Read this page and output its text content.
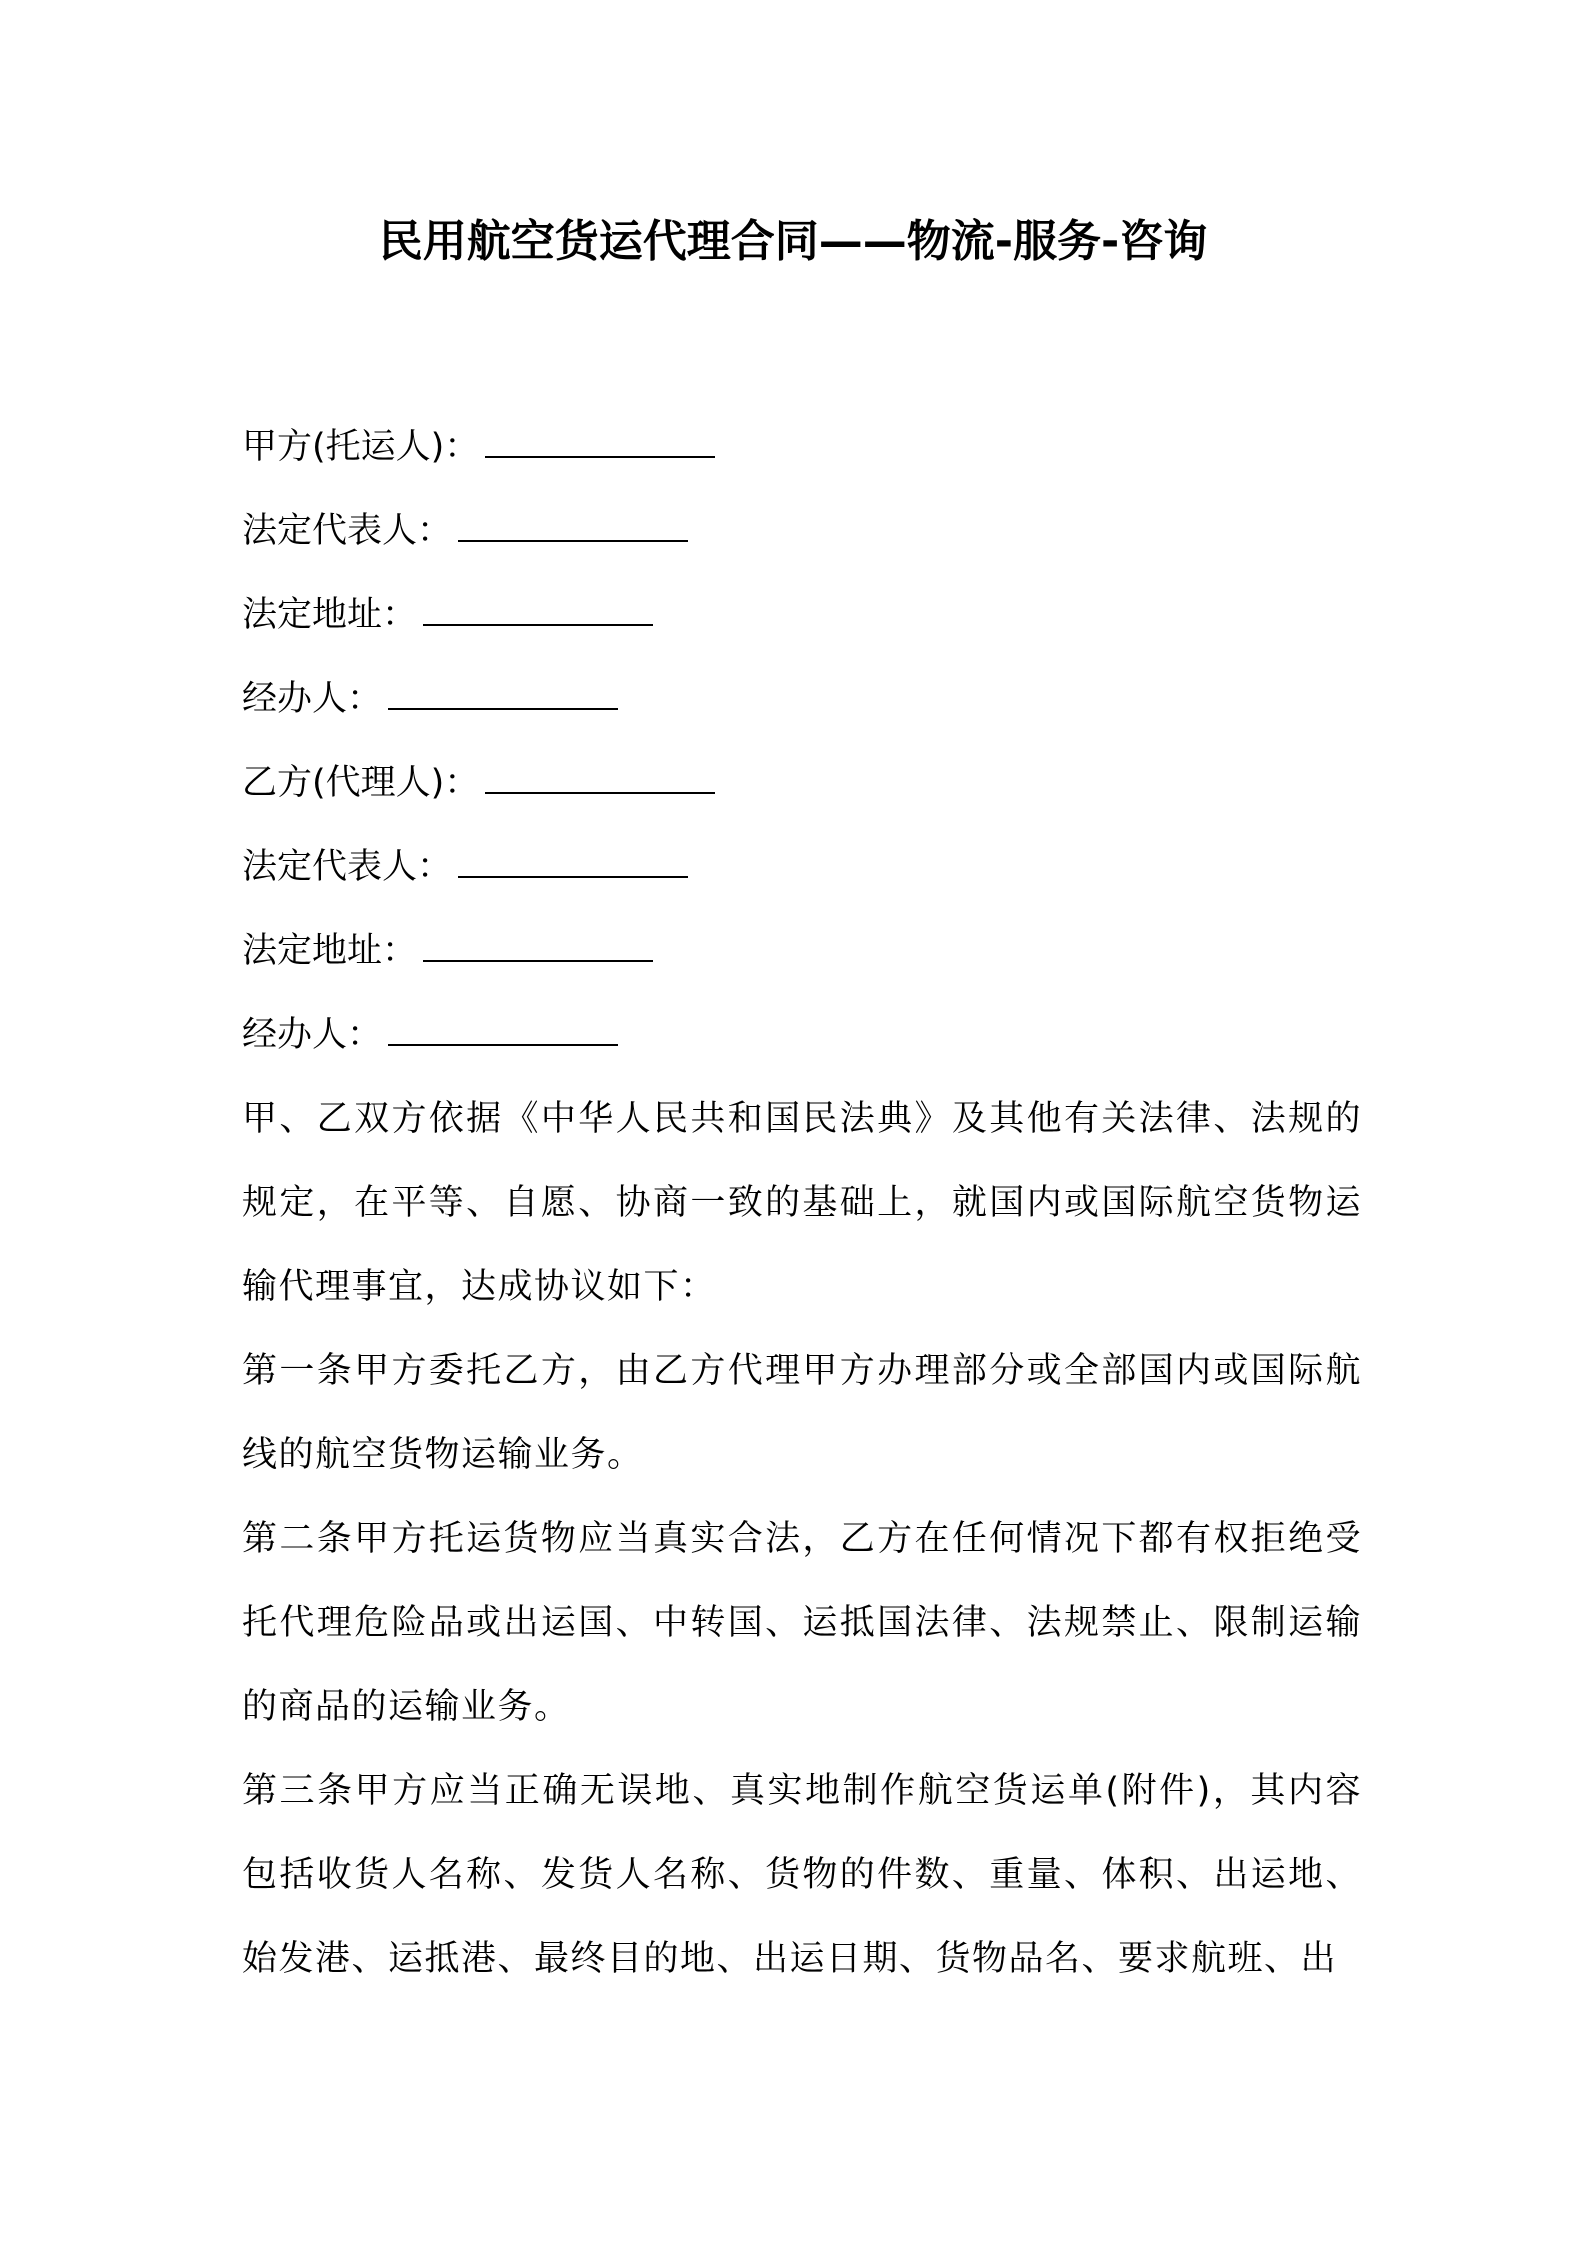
民用航空货运代理合同——物流-服务-咨询
甲方(托运人)：
法定代表人：
法定地址：
经办人：
乙方(代理人)：
法定代表人：
法定地址：
经办人：

甲、乙双方依据《中华人民共和国民法典》及其他有关法律、法规的规定，在平等、自愿、协商一致的基础上，就国内或国际航空货物运输代理事宜，达成协议如下：

第一条甲方委托乙方，由乙方代理甲方办理部分或全部国内或国际航线的航空货物运输业务。

第二条甲方托运货物应当真实合法，乙方在任何情况下都有权拒绝受托代理危险品或出运国、中转国、运抵国法律、法规禁止、限制运输的商品的运输业务。

第三条甲方应当正确无误地、真实地制作航空货运单(附件)，其内容包括收货人名称、发货人名称、货物的件数、重量、体积、出运地、始发港、运抵港、最终目的地、出运日期、货物品名、要求航班、出
